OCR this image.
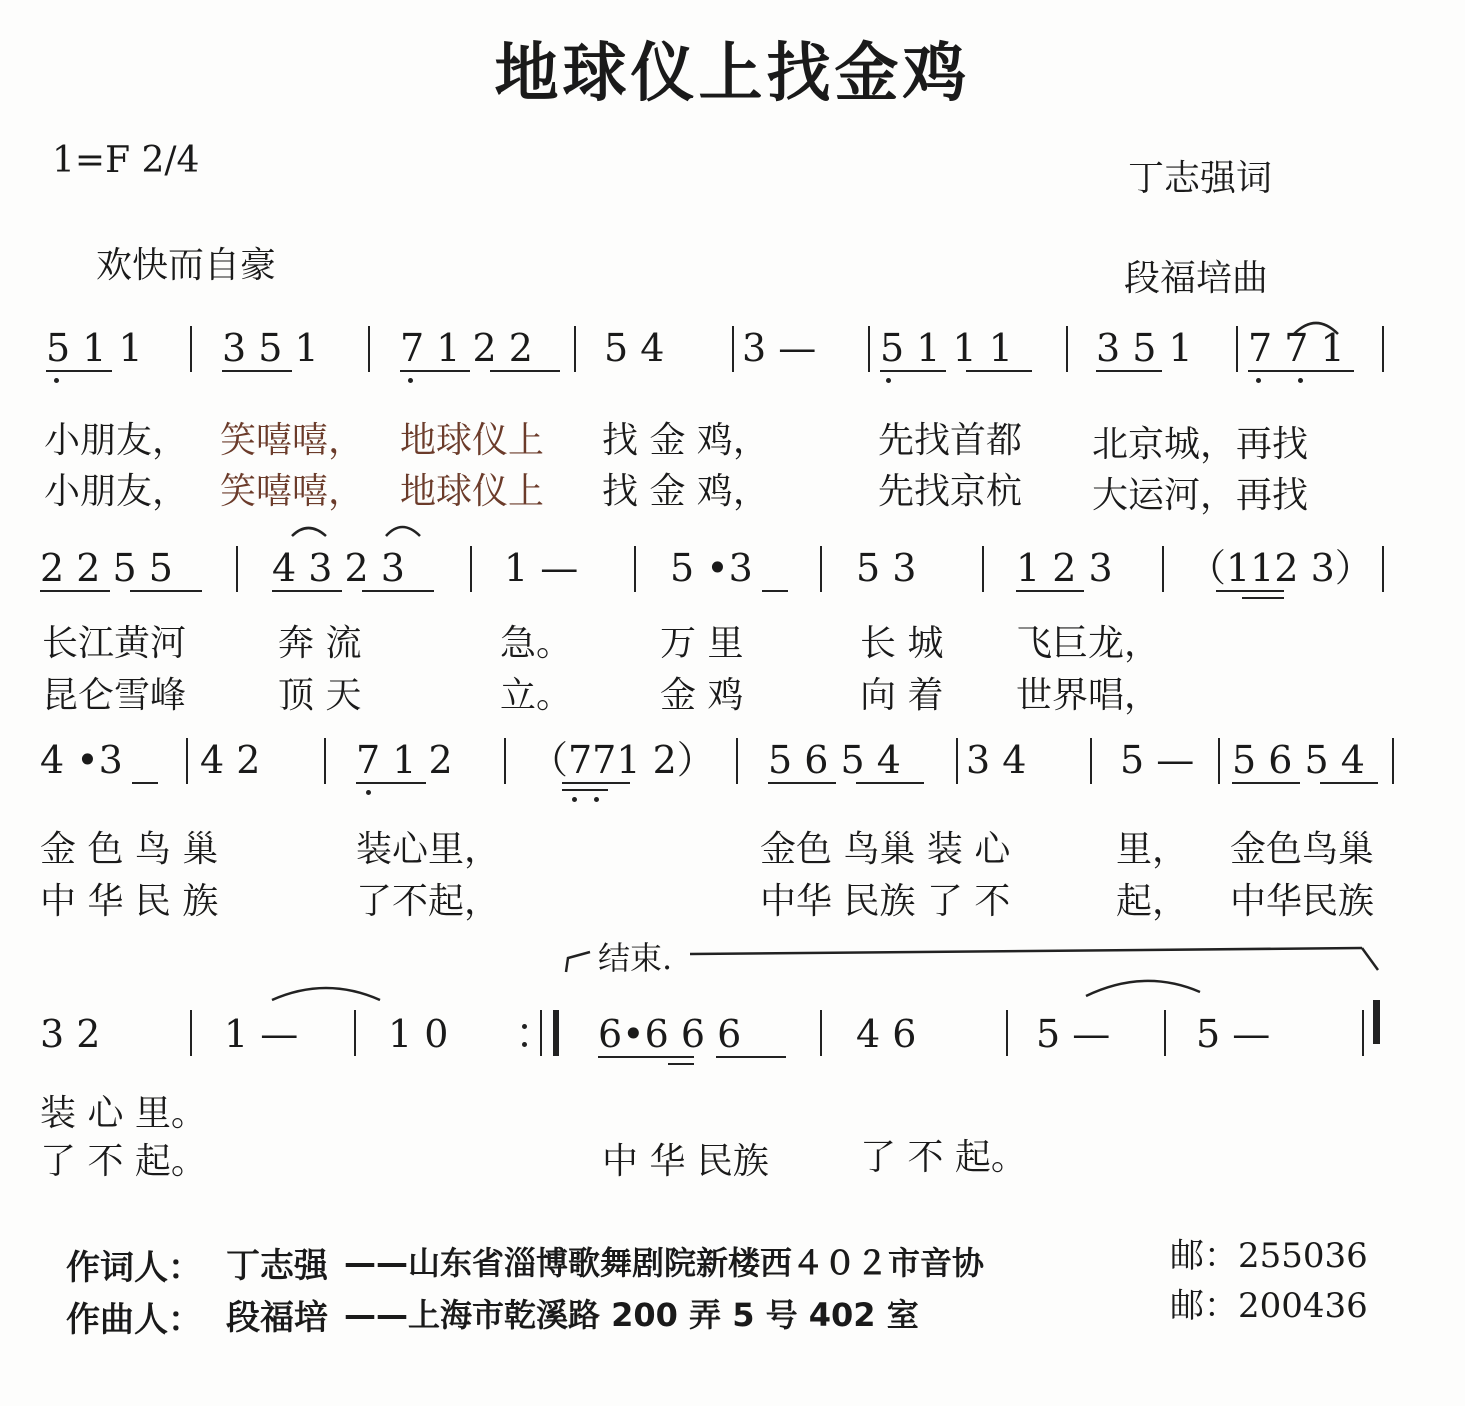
地球仪上找金鸡
1=F 2/4	丁志强词
段福培曲
欢快而自豪
5 1 1 3 5 1 7 1 2 2 5 4 3 — 5 1 1 1 3 5 1 7 7 1
小朋友， 笑嘻嘻， 地球仪上 找 金 鸡，	先找首都 北京城，再找
小朋友， 笑嘻嘻， 地球仪上 找 金 鸡，	先找京杭 大运河，再找
2 2 5 5	4 3 2 3	1 — 5 •3	5 3	1 2 3 （112 3）
长江黄河	奔 流	急。 万 里	长 城 飞巨龙，
昆仑雪峰	顶 天	立。 金 鸡	向 着 世界唱，
4 •3 4 2	7 1 2 （771 2） 5 6 5 4 3 4 5 — 5 6 5 4
金 色 鸟 巢	装心里，	金色 鸟巢 装 心	里， 金色鸟巢
中 华 民 族	了不起，	中华 民族 了 不	起， 中华民族
结束.
3 2	1 — 1 0	6•6 6 6	4 6	5 — 5 —
装 心 里。
了 不 起。	中 华 民族	了 不 起。
作词人： 丁志强 ——山东省淄博歌舞剧院新楼西４０２市音协	邮：255036
作曲人： 段福培 ——上海市乾溪路 200 弄 5 号 402 室	邮：200436
